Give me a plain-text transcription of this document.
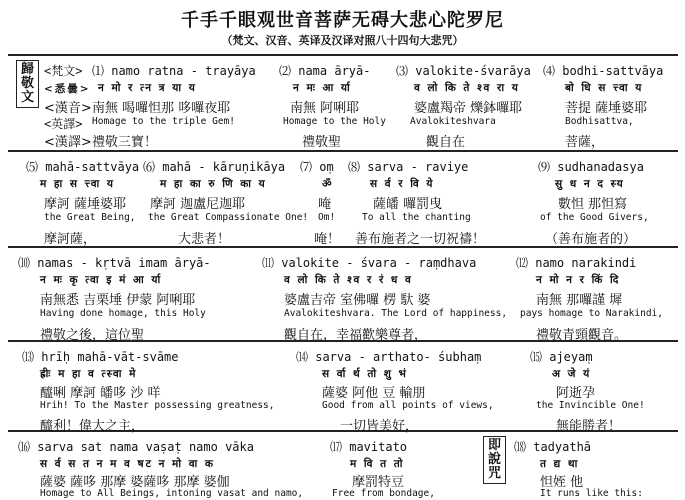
千手千眼观世音菩萨无碍大悲心陀罗尼
（梵文、汉音、英译及汉译对照八十四句大悲咒）
歸敬文
即說咒
<梵文>
<悉曇>
<漢音>
<英譯>
<漢譯>
⑴ namo ratna - trayāya
न मो र त्न त्र या य
南無 喝囉怛那 哆囉夜耶
Homage to the triple Gem!
禮敬三寶！
⑵ nama āryā-
न मः आ र्या
南無 阿唎耶
Homage to the Holy
禮敬聖
⑶ valokite-śvarāya
व लो कि ते श्व रा य
婆盧羯帝 爍鉢囉耶
Avalokiteshvara
觀自在
⑷ bodhi-sattvāya
बो धि स त्त्वा य
菩提 薩埵婆耶
Bodhisattva,
菩薩，
⑸ mahā-sattvāya
म हा स त्त्वा य
摩訶 薩埵婆耶
the Great Being,
摩訶薩，
⑹ mahā - kāruṇikāya
म हा का रु णि का य
摩訶 迦盧尼迦耶
the Great Compassionate One!
大悲者！
⑺ oṃ
ॐ
唵
Om!
唵！
⑻ sarva - raviye
स र्व र वि ये
薩皤 囉罰曳
To all the chanting
善布施者之一切祝禱！
⑼ sudhanadasya
सु ध न द स्य
數怛 那怛寫
of the Good Givers,
（善布施者的）
⑽ namas - kṛtvā imam āryā-
न मः कृ त्वा इ मं आ र्या
南無悉 吉栗埵 伊蒙 阿唎耶
Having done homage, this Holy
禮敬之後，這位聖
⑾ valokite - śvara - raṃdhava
व लो कि ते श्व र रं ध व
婆盧吉帝 室佛囉 楞 馱 婆
Avalokiteshvara. The Lord of happiness,
觀自在，幸福歡樂尊者，
⑿ namo narakindi
न मो न र किं दि
南無 那囉謹 墀
pays homage to Narakindi,
禮敬青頸觀音。
⒀ hrīḥ mahā-vāt-svāme
ह्रीः म हा व त्स्वा मे
醯唎 摩訶 皤哆 沙 咩
Hrih! To the Master possessing greatness,
醯利！偉大之主，
⒁ sarva - arthato- śubhaṃ
स र्वा र्थ तो शु भं
薩婆 阿他 豆 輸朋
Good from all points of views,
一切皆美好，
⒂ ajeyaṃ
अ जे यं
阿逝孕
the Invincible One!
無能勝者！
⒃ sarva sat nama vaṣaṭ namo vāka
स र्व स त न म व षट न मो वा क
薩婆 薩哆 那摩 婆薩哆 那摩 婆伽
Homage to All Beings, intoning vasat and namo,
⒄ mavitato
म वि त तो
摩罰特豆
Free from bondage,
⒅ tadyathā
त द्य था
怛姪 他
It runs like this:
